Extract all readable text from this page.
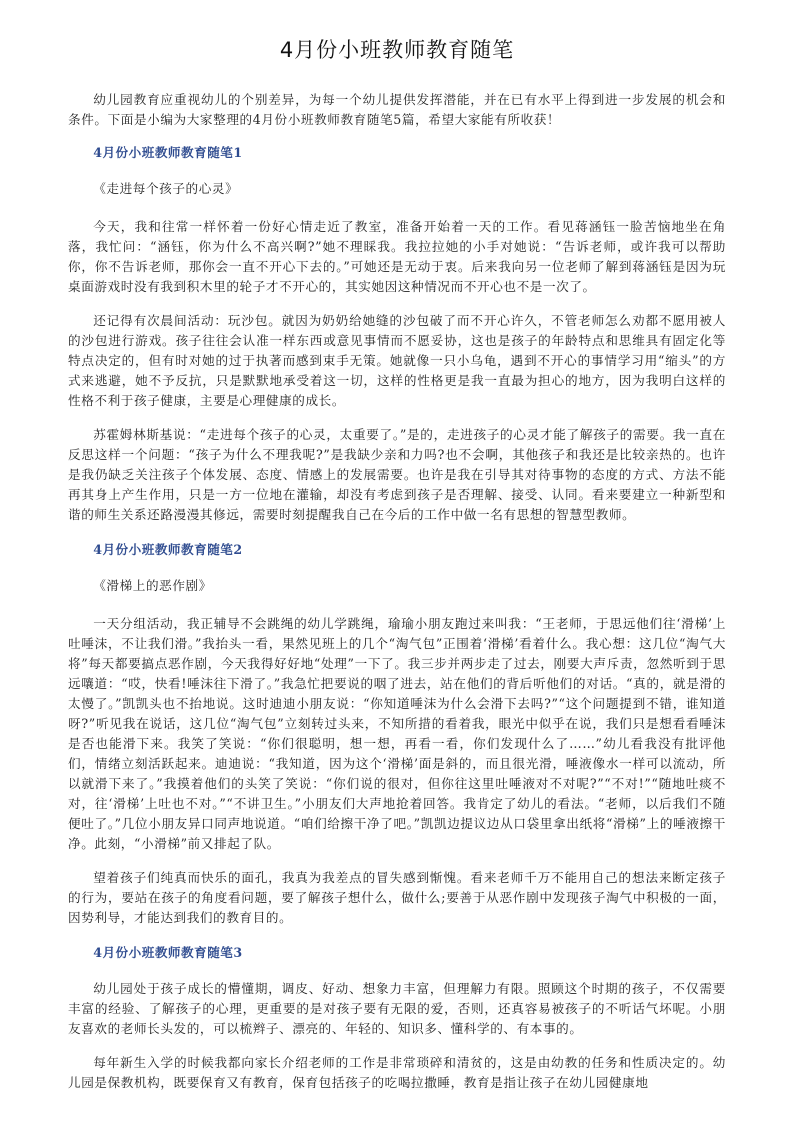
4月份小班教师教育随笔

幼儿园教育应重视幼儿的个别差异，为每一个幼儿提供发挥潜能，并在已有水平上得到进一步发展的机会和条件。下面是小编为大家整理的4月份小班教师教育随笔5篇，希望大家能有所收获！

4月份小班教师教育随笔1

《走进每个孩子的心灵》

今天，我和往常一样怀着一份好心情走近了教室，准备开始着一天的工作。看见蒋涵钰一脸苦恼地坐在角落，我忙问：“涵钰，你为什么不高兴啊?”她不理睬我。我拉拉她的小手对她说：“告诉老师，或许我可以帮助你，你不告诉老师，那你会一直不开心下去的。”可她还是无动于衷。后来我向另一位老师了解到蒋涵钰是因为玩桌面游戏时没有我到积木里的轮子才不开心的，其实她因这种情况而不开心也不是一次了。

还记得有次晨间活动：玩沙包。就因为奶奶给她缝的沙包破了而不开心许久，不管老师怎么劝都不愿用被人的沙包进行游戏。孩子往往会认准一样东西或意见事情而不愿妥协，这也是孩子的年龄特点和思维具有固定化等特点决定的，但有时对她的过于执著而感到束手无策。她就像一只小乌龟，遇到不开心的事情学习用“缩头”的方式来逃避，她不予反抗，只是默默地承受着这一切，这样的性格更是我一直最为担心的地方，因为我明白这样的性格不利于孩子健康，主要是心理健康的成长。

苏霍姆林斯基说：“走进每个孩子的心灵，太重要了。”是的，走进孩子的心灵才能了解孩子的需要。我一直在反思这样一个问题：“孩子为什么不理我呢?”是我缺少亲和力吗?也不会啊，其他孩子和我还是比较亲热的。也许是我仍缺乏关注孩子个体发展、态度、情感上的发展需要。也许是我在引导其对待事物的态度的方式、方法不能再其身上产生作用，只是一方一位地在灌输，却没有考虑到孩子是否理解、接受、认同。看来要建立一种新型和谐的师生关系还路漫漫其修远，需要时刻提醒我自己在今后的工作中做一名有思想的智慧型教师。

4月份小班教师教育随笔2

《滑梯上的恶作剧》

一天分组活动，我正辅导不会跳绳的幼儿学跳绳，瑜瑜小朋友跑过来叫我：“王老师，于思远他们往‘滑梯’上吐唾沫，不让我们滑。”我抬头一看，果然见班上的几个“淘气包”正围着‘滑梯’看着什么。我心想：这几位“淘气大将”每天都要搞点恶作剧，今天我得好好地“处理”一下了。我三步并两步走了过去，刚要大声斥责，忽然听到于思远嚷道：“哎，快看!唾沫往下滑了。”我急忙把要说的咽了进去，站在他们的背后听他们的对话。“真的，就是滑的太慢了。”凯凯头也不抬地说。这时迪迪小朋友说：“你知道唾沫为什么会滑下去吗?”“这个问题提到不错，谁知道呀?”听见我在说话，这几位“淘气包”立刻转过头来，不知所措的看着我，眼光中似乎在说，我们只是想看看唾沫是否也能滑下来。我笑了笑说：“你们很聪明，想一想，再看一看，你们发现什么了……”幼儿看我没有批评他们，情绪立刻活跃起来。迪迪说：“我知道，因为这个‘滑梯’面是斜的，而且很光滑，唾液像水一样可以流动，所以就滑下来了。”我摸着他们的头笑了笑说：“你们说的很对，但你往这里吐唾液对不对呢?”“不对!”“随地吐痰不对，往‘滑梯’上吐也不对。”“不讲卫生。”小朋友们大声地抢着回答。我肯定了幼儿的看法。“老师，以后我们不随便吐了。”几位小朋友异口同声地说道。“咱们给擦干净了吧。”凯凯边提议边从口袋里拿出纸将“滑梯”上的唾液擦干净。此刻，“小滑梯”前又排起了队。

望着孩子们纯真而快乐的面孔，我真为我差点的冒失感到惭愧。看来老师千万不能用自己的想法来断定孩子的行为，要站在孩子的角度看问题，要了解孩子想什么，做什么;要善于从恶作剧中发现孩子淘气中积极的一面，因势利导，才能达到我们的教育目的。

4月份小班教师教育随笔3

幼儿园处于孩子成长的懵懂期，调皮、好动、想象力丰富，但理解力有限。照顾这个时期的孩子，不仅需要丰富的经验、了解孩子的心理，更重要的是对孩子要有无限的爱，否则，还真容易被孩子的不听话气坏呢。小朋友喜欢的老师长头发的，可以梳辫子、漂亮的、年轻的、知识多、懂科学的、有本事的。

每年新生入学的时候我都向家长介绍老师的工作是非常琐碎和清贫的，这是由幼教的任务和性质决定的。幼儿园是保教机构，既要保育又有教育，保育包括孩子的吃喝拉撒睡，教育是指让孩子在幼儿园健康地
